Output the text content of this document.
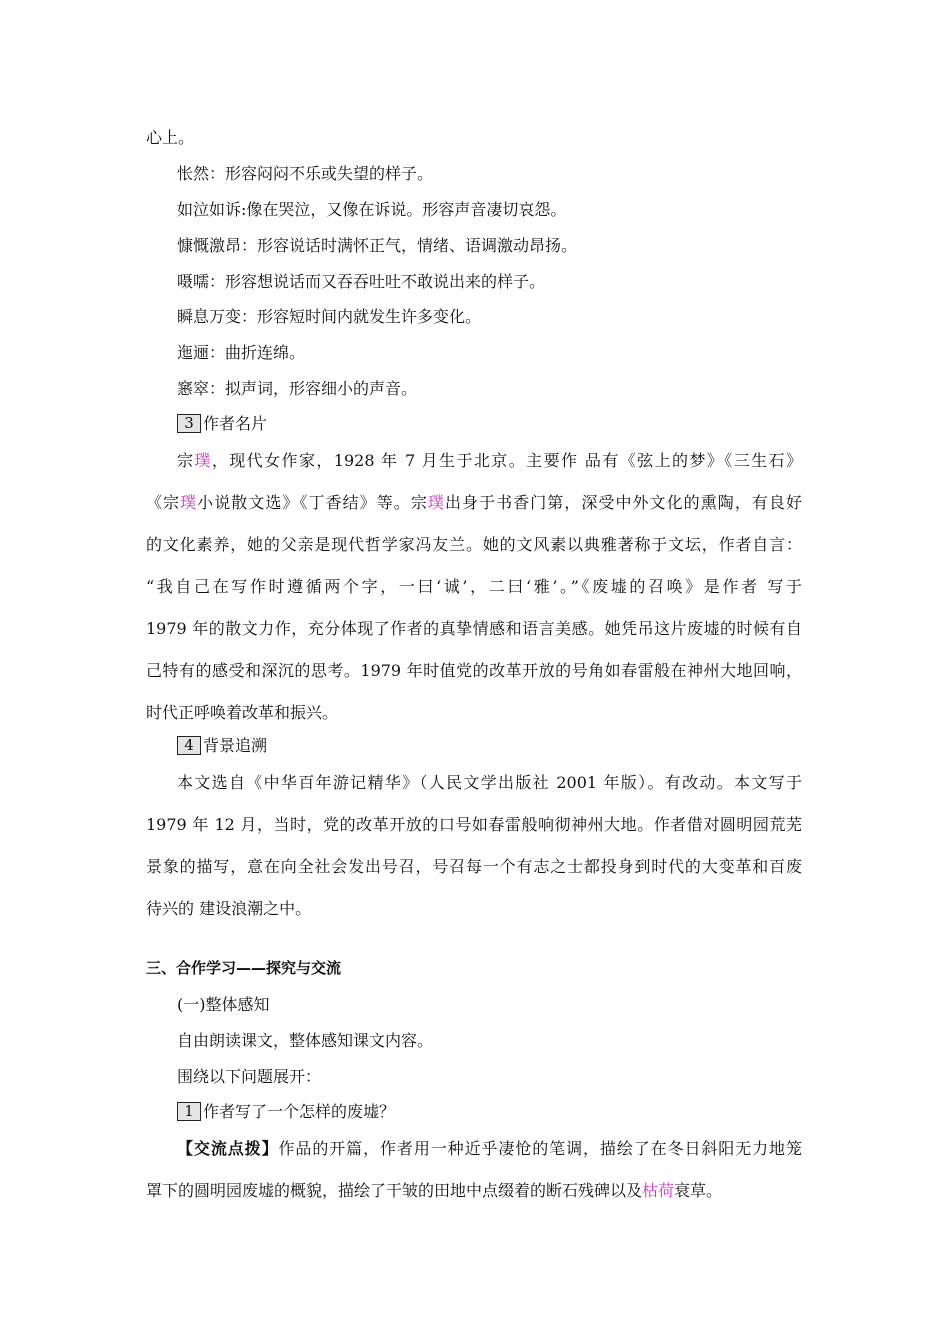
心上。
怅然：形容闷闷不乐或失望的样子。
如泣如诉:像在哭泣，又像在诉说。形容声音凄切哀怨。
慷慨激昂：形容说话时满怀正气，情绪、语调激动昂扬。
嗫嚅：形容想说话而又吞吞吐吐不敢说出来的样子。
瞬息万变：形容短时间内就发生许多变化。
迤逦：曲折连绵。
窸窣：拟声词，形容细小的声音。
3 作者名片
宗璞，现代女作家，1928 年 7 月生于北京。主要作 品有《弦上的梦》《三生石》
《宗璞小说散文选》《丁香结》等。宗璞出身于书香门第，深受中外文化的熏陶，有良好
的文化素养，她的父亲是现代哲学家冯友兰。她的文风素以典雅著称于文坛，作者自言：
“我自己在写作时遵循两个字，一曰‘诚’，二曰‘雅’。”《废墟的召唤》是作者 写于
1979 年的散文力作，充分体现了作者的真挚情感和语言美感。她凭吊这片废墟的时候有自
己特有的感受和深沉的思考。1979 年时值党的改革开放的号角如春雷般在神州大地回响，
时代正呼唤着改革和振兴。
4 背景追溯
本文选自《中华百年游记精华》（人民文学出版社 2001 年版）。有改动。本文写于
1979 年 12 月，当时，党的改革开放的口号如春雷般响彻神州大地。作者借对圆明园荒芜
景象的描写，意在向全社会发出号召，号召每一个有志之士都投身到时代的大变革和百废
待兴的 建设浪潮之中。
三、合作学习——探究与交流
(一)整体感知
自由朗读课文，整体感知课文内容。
围绕以下问题展开：
1 作者写了一个怎样的废墟？
【交流点拨】作品的开篇，作者用一种近乎凄怆的笔调，描绘了在冬日斜阳无力地笼
罩下的圆明园废墟的概貌，描绘了干皱的田地中点缀着的断石残碑以及枯荷衰草。
